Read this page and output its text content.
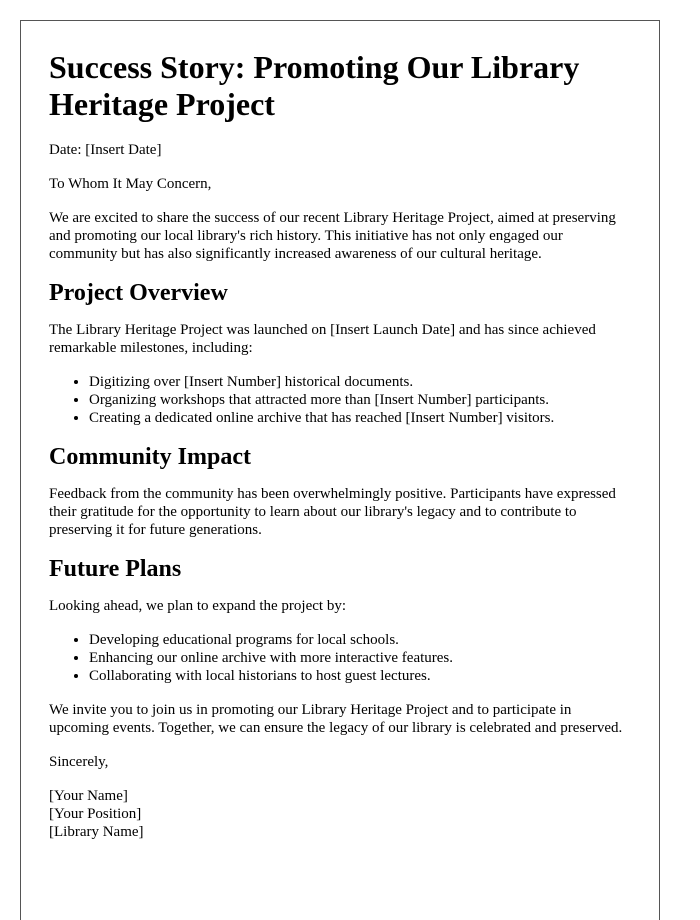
Success Story: Promoting Our Library Heritage Project

Date: [Insert Date]

To Whom It May Concern,

We are excited to share the success of our recent Library Heritage Project, aimed at preserving and promoting our local library's rich history. This initiative has not only engaged our community but has also significantly increased awareness of our cultural heritage.

Project Overview

The Library Heritage Project was launched on [Insert Launch Date] and has since achieved remarkable milestones, including:

• Digitizing over [Insert Number] historical documents.
• Organizing workshops that attracted more than [Insert Number] participants.
• Creating a dedicated online archive that has reached [Insert Number] visitors.
Community Impact

Feedback from the community has been overwhelmingly positive. Participants have expressed their gratitude for the opportunity to learn about our library's legacy and to contribute to preserving it for future generations.

Future Plans

Looking ahead, we plan to expand the project by:

• Developing educational programs for local schools.
• Enhancing our online archive with more interactive features.
• Collaborating with local historians to host guest lectures.

We invite you to join us in promoting our Library Heritage Project and to participate in upcoming events. Together, we can ensure the legacy of our library is celebrated and preserved.

Sincerely,

[Your Name]

[Your Position]

[Library Name]
